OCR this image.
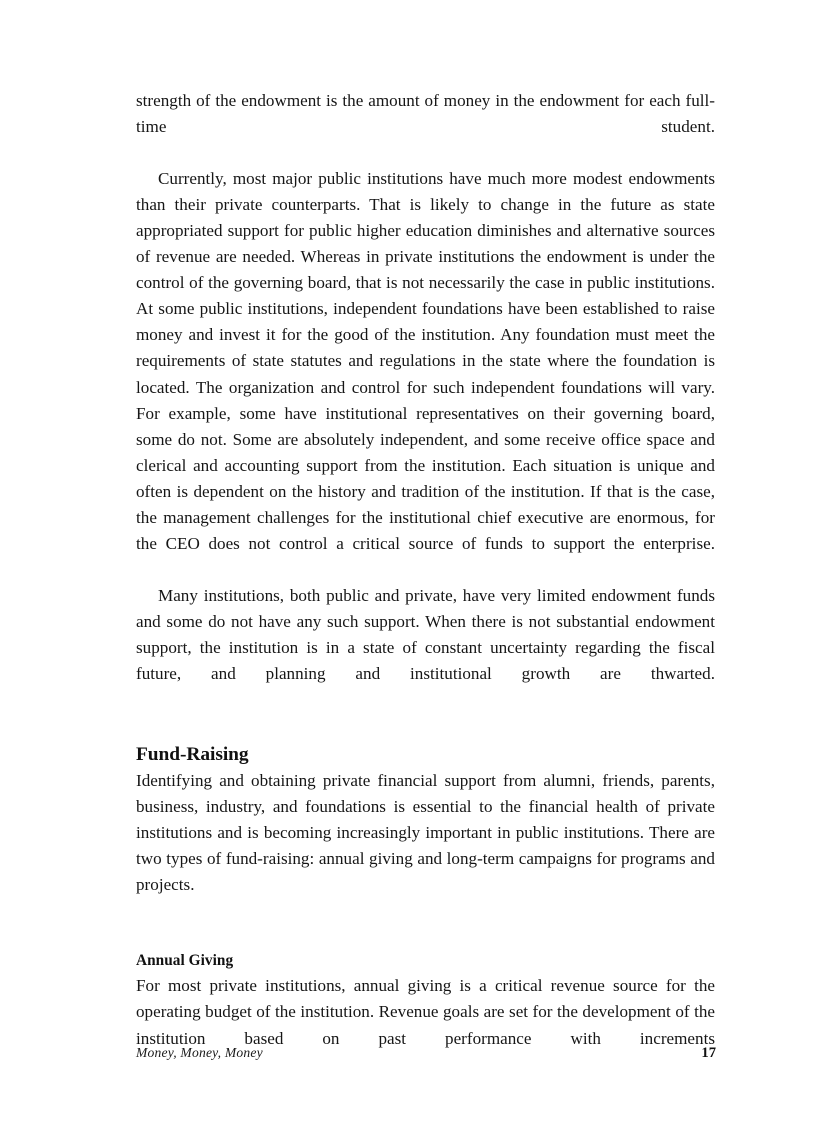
strength of the endowment is the amount of money in the endowment for each full-time student.

Currently, most major public institutions have much more modest endowments than their private counterparts. That is likely to change in the future as state appropriated support for public higher education diminishes and alternative sources of revenue are needed. Whereas in private institutions the endowment is under the control of the governing board, that is not necessarily the case in public institutions. At some public institutions, independent foundations have been established to raise money and invest it for the good of the institution. Any foundation must meet the requirements of state statutes and regulations in the state where the foundation is located. The organization and control for such independent foundations will vary. For example, some have institutional representatives on their governing board, some do not. Some are absolutely independent, and some receive office space and clerical and accounting support from the institution. Each situation is unique and often is dependent on the history and tradition of the institution. If that is the case, the management challenges for the institutional chief executive are enormous, for the CEO does not control a critical source of funds to support the enterprise.

Many institutions, both public and private, have very limited endowment funds and some do not have any such support. When there is not substantial endowment support, the institution is in a state of constant uncertainty regarding the fiscal future, and planning and institutional growth are thwarted.

Fund-Raising

Identifying and obtaining private financial support from alumni, friends, parents, business, industry, and foundations is essential to the financial health of private institutions and is becoming increasingly important in public institutions. There are two types of fund-raising: annual giving and long-term campaigns for programs and projects.

Annual Giving

For most private institutions, annual giving is a critical revenue source for the operating budget of the institution. Revenue goals are set for the development of the institution based on past performance with increments

Money, Money, Money	17
